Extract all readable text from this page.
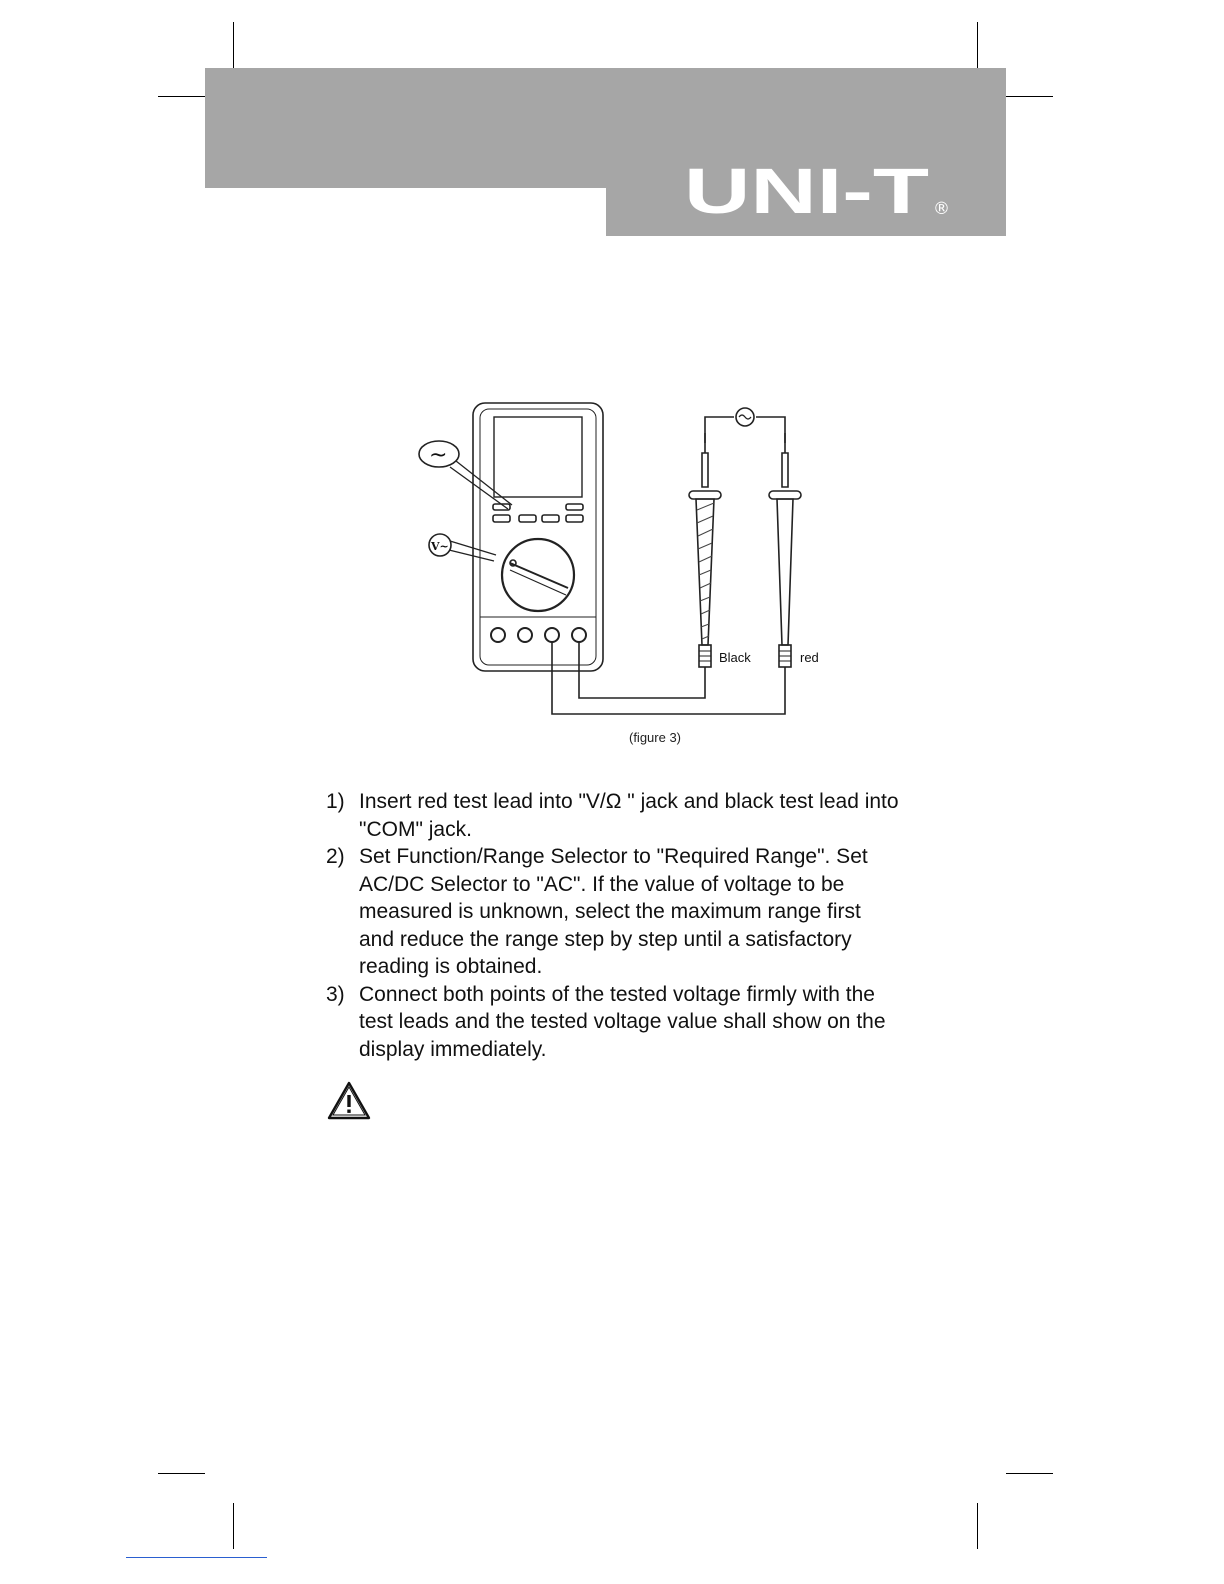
UNI-T ®
~
V~
Black	red
(figure 3)
1) Insert red test lead into "V/Ω " jack and black test lead into "COM" jack.
2) Set Function/Range Selector to "Required Range". Set AC/DC Selector to "AC". If the value of voltage to be measured is unknown, select the maximum range first and reduce the range step by step until a satisfactory reading is obtained.
3) Connect both points of the tested voltage firmly with the test leads and the tested voltage value shall show on the display immediately.
